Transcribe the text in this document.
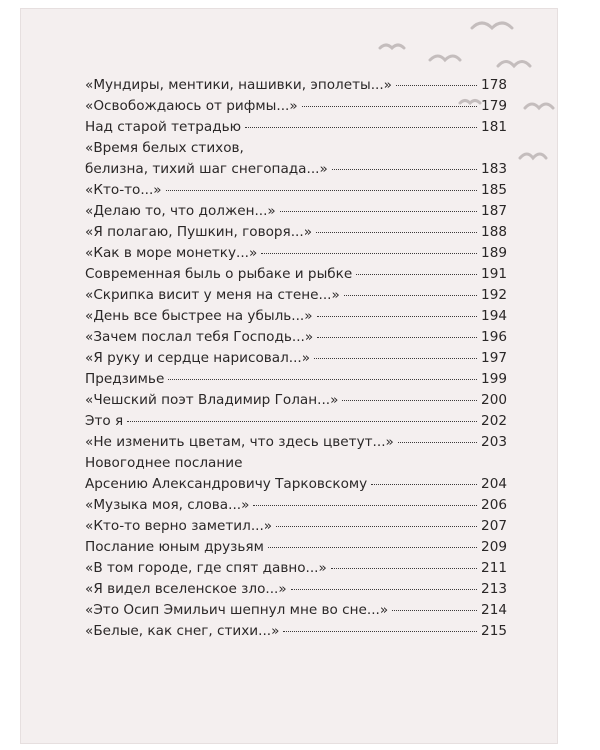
«Мундиры, ментики, нашивки, эполеты...»	178
«Освобождаюсь от рифмы...»	179
Над старой тетрадью	181
«Время белых стихов,
белизна, тихий шаг снегопада...»	183
«Кто-то...»	185
«Делаю то, что должен...»	187
«Я полагаю, Пушкин, говоря...»	188
«Как в море монетку...»	189
Современная быль о рыбаке и рыбке	191
«Скрипка висит у меня на стене...»	192
«День все быстрее на убыль...»	194
«Зачем послал тебя Господь...»	196
«Я руку и сердце нарисовал...»	197
Предзимье	199
«Чешский поэт Владимир Голан...»	200
Это я	202
«Не изменить цветам, что здесь цветут...»	203
Новогоднее послание
Арсению Александровичу Тарковскому	204
«Музыка моя, слова...»	206
«Кто-то верно заметил...»	207
Послание юным друзьям	209
«В том городе, где спят давно...»	211
«Я видел вселенское зло...»	213
«Это Осип Эмильич шепнул мне во сне...»	214
«Белые, как снег, стихи...»	215
